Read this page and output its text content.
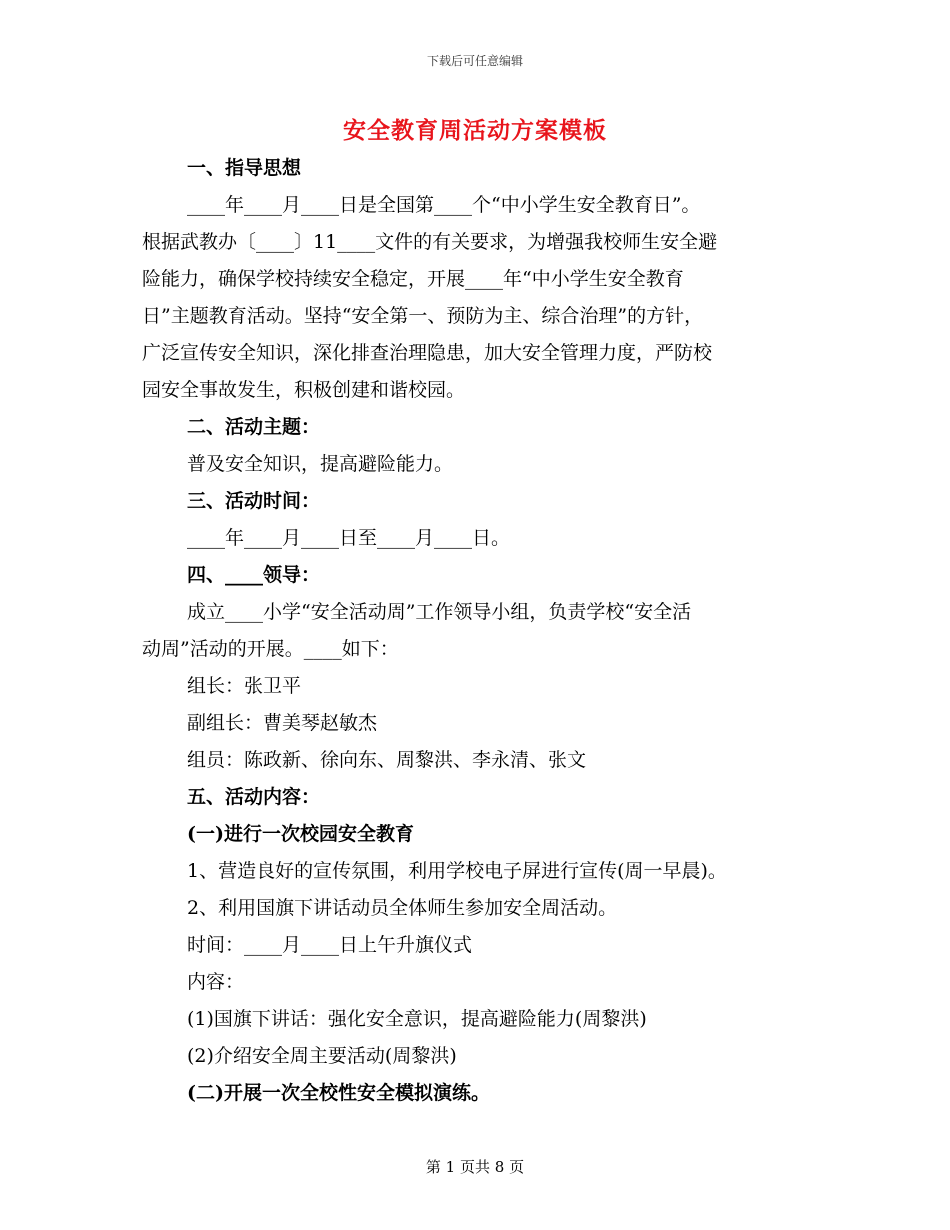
下载后可任意编辑
安全教育周活动方案模板
一、指导思想
____年____月____日是全国第____个“中小学生安全教育日”。
根据武教办〔____〕11____文件的有关要求，为增强我校师生安全避
险能力，确保学校持续安全稳定，开展____年“中小学生安全教育
日”主题教育活动。坚持“安全第一、预防为主、综合治理”的方针，
广泛宣传安全知识，深化排查治理隐患，加大安全管理力度，严防校
园安全事故发生，积极创建和谐校园。
二、活动主题：
普及安全知识，提高避险能力。
三、活动时间：
____年____月____日至____月____日。
四、____领导：
成立____小学“安全活动周”工作领导小组，负责学校“安全活
动周”活动的开展。____如下：
组长：张卫平
副组长：曹美琴赵敏杰
组员：陈政新、徐向东、周黎洪、李永清、张文
五、活动内容：
(一)进行一次校园安全教育
1、营造良好的宣传氛围，利用学校电子屏进行宣传(周一早晨)。
2、利用国旗下讲话动员全体师生参加安全周活动。
时间：____月____日上午升旗仪式
内容：
(1)国旗下讲话：强化安全意识，提高避险能力(周黎洪)
(2)介绍安全周主要活动(周黎洪)
(二)开展一次全校性安全模拟演练。
第 1 页共 8 页
